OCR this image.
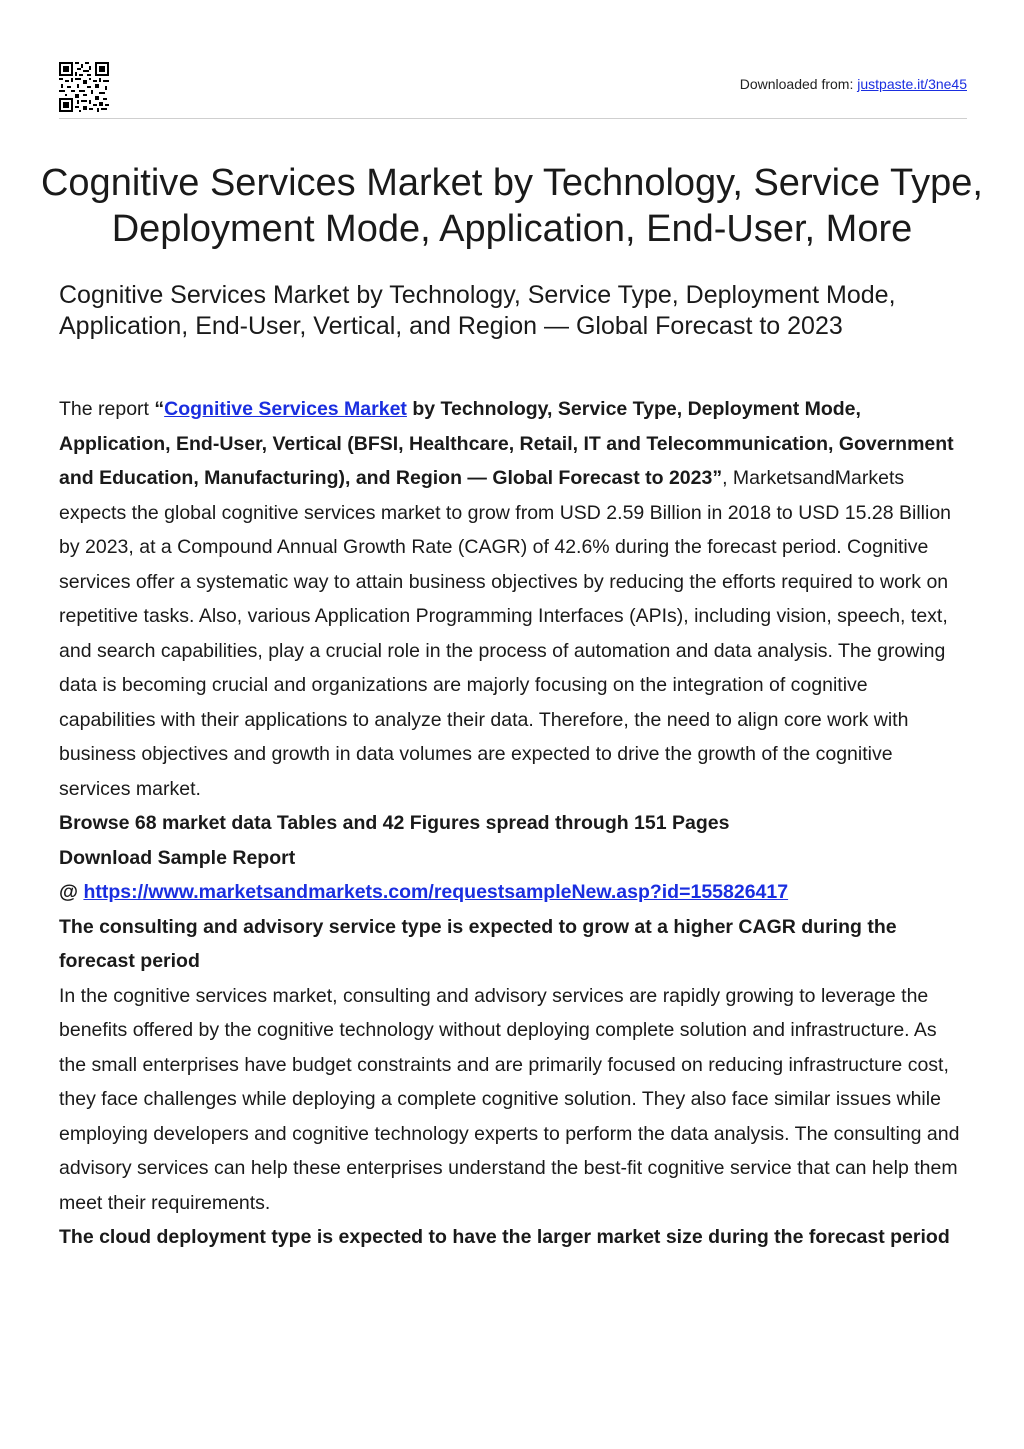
Downloaded from: justpaste.it/3ne45
Cognitive Services Market by Technology, Service Type, Deployment Mode, Application, End-User, More
Cognitive Services Market by Technology, Service Type, Deployment Mode, Application, End-User, Vertical, and Region — Global Forecast to 2023

The report “Cognitive Services Market by Technology, Service Type, Deployment Mode, Application, End-User, Vertical (BFSI, Healthcare, Retail, IT and Telecommunication, Government and Education, Manufacturing), and Region — Global Forecast to 2023”, MarketsandMarkets expects the global cognitive services market to grow from USD 2.59 Billion in 2018 to USD 15.28 Billion by 2023, at a Compound Annual Growth Rate (CAGR) of 42.6% during the forecast period. Cognitive services offer a systematic way to attain business objectives by reducing the efforts required to work on repetitive tasks. Also, various Application Programming Interfaces (APIs), including vision, speech, text, and search capabilities, play a crucial role in the process of automation and data analysis. The growing data is becoming crucial and organizations are majorly focusing on the integration of cognitive capabilities with their applications to analyze their data. Therefore, the need to align core work with business objectives and growth in data volumes are expected to drive the growth of the cognitive services market.

Browse 68 market data Tables and 42 Figures spread through 151 Pages

Download Sample Report

@ https://www.marketsandmarkets.com/requestsampleNew.asp?id=155826417

The consulting and advisory service type is expected to grow at a higher CAGR during the forecast period

In the cognitive services market, consulting and advisory services are rapidly growing to leverage the benefits offered by the cognitive technology without deploying complete solution and infrastructure. As the small enterprises have budget constraints and are primarily focused on reducing infrastructure cost, they face challenges while deploying a complete cognitive solution. They also face similar issues while employing developers and cognitive technology experts to perform the data analysis. The consulting and advisory services can help these enterprises understand the best-fit cognitive service that can help them meet their requirements.

The cloud deployment type is expected to have the larger market size during the forecast period
